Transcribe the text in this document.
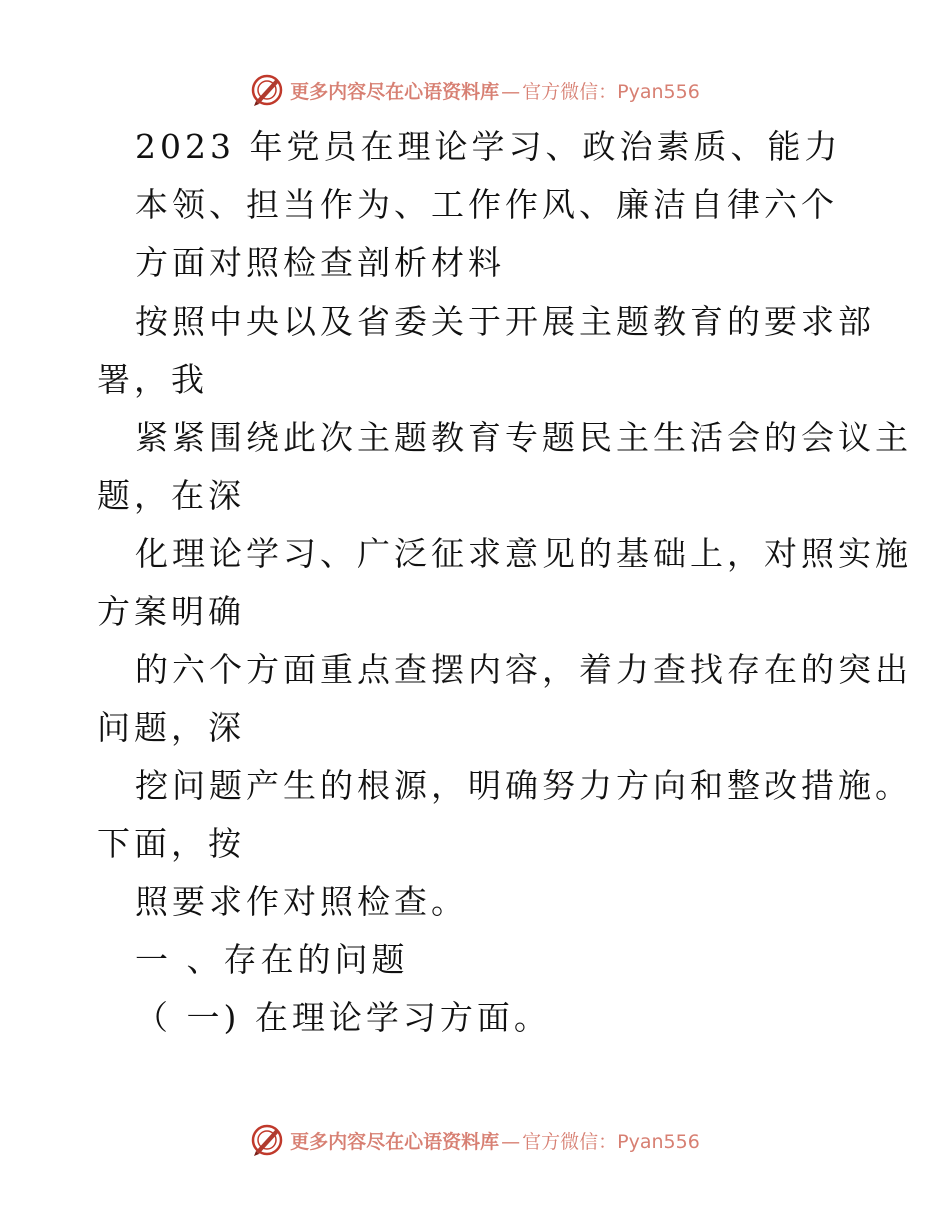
更多内容尽在心语资料库 — 官方微信：Pyan556
2023 年党员在理论学习、政治素质、能力
本领、担当作为、工作作风、廉洁自律六个
方面对照检查剖析材料
按照中央以及省委关于开展主题教育的要求部
署，我
紧紧围绕此次主题教育专题民主生活会的会议主
题，在深
化理论学习、广泛征求意见的基础上，对照实施
方案明确
的六个方面重点查摆内容，着力查找存在的突出
问题，深
挖问题产生的根源，明确努力方向和整改措施。
下面，按
照要求作对照检查。
一 、存在的问题
（ 一) 在理论学习方面。
更多内容尽在心语资料库 — 官方微信：Pyan556
